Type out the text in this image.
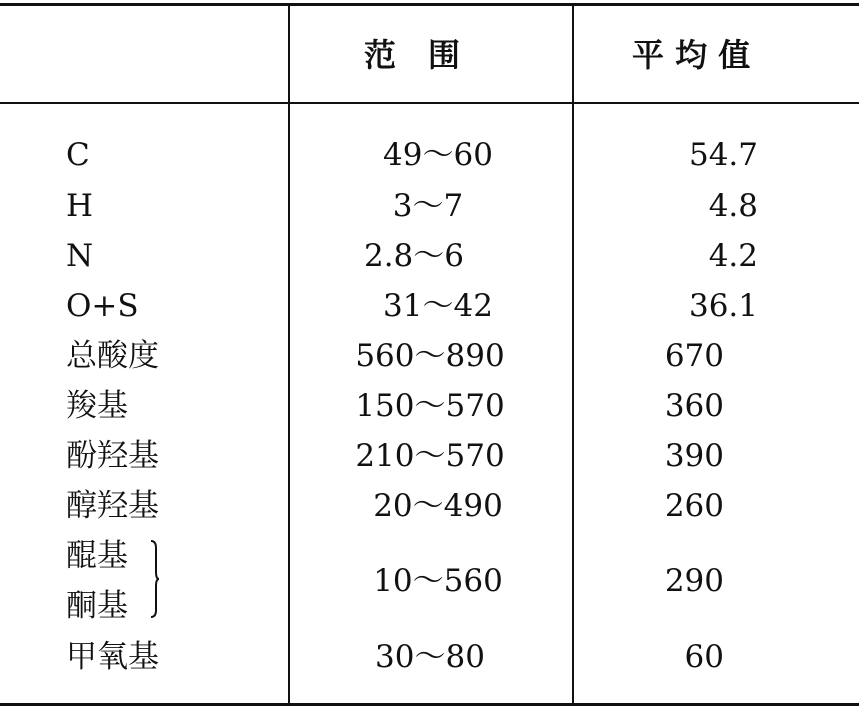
范　围	平 均 值
C
H
N
O+S
总酸度
羧基
酚羟基
醇羟基
醌基
酮基
甲氧基
49～60
3～7
2.8～6
31～42
560～890
150～570
210～570
20～490
10～560
30～80
54.7
4.8
4.2
36.1
670
360
390
260
290
60
